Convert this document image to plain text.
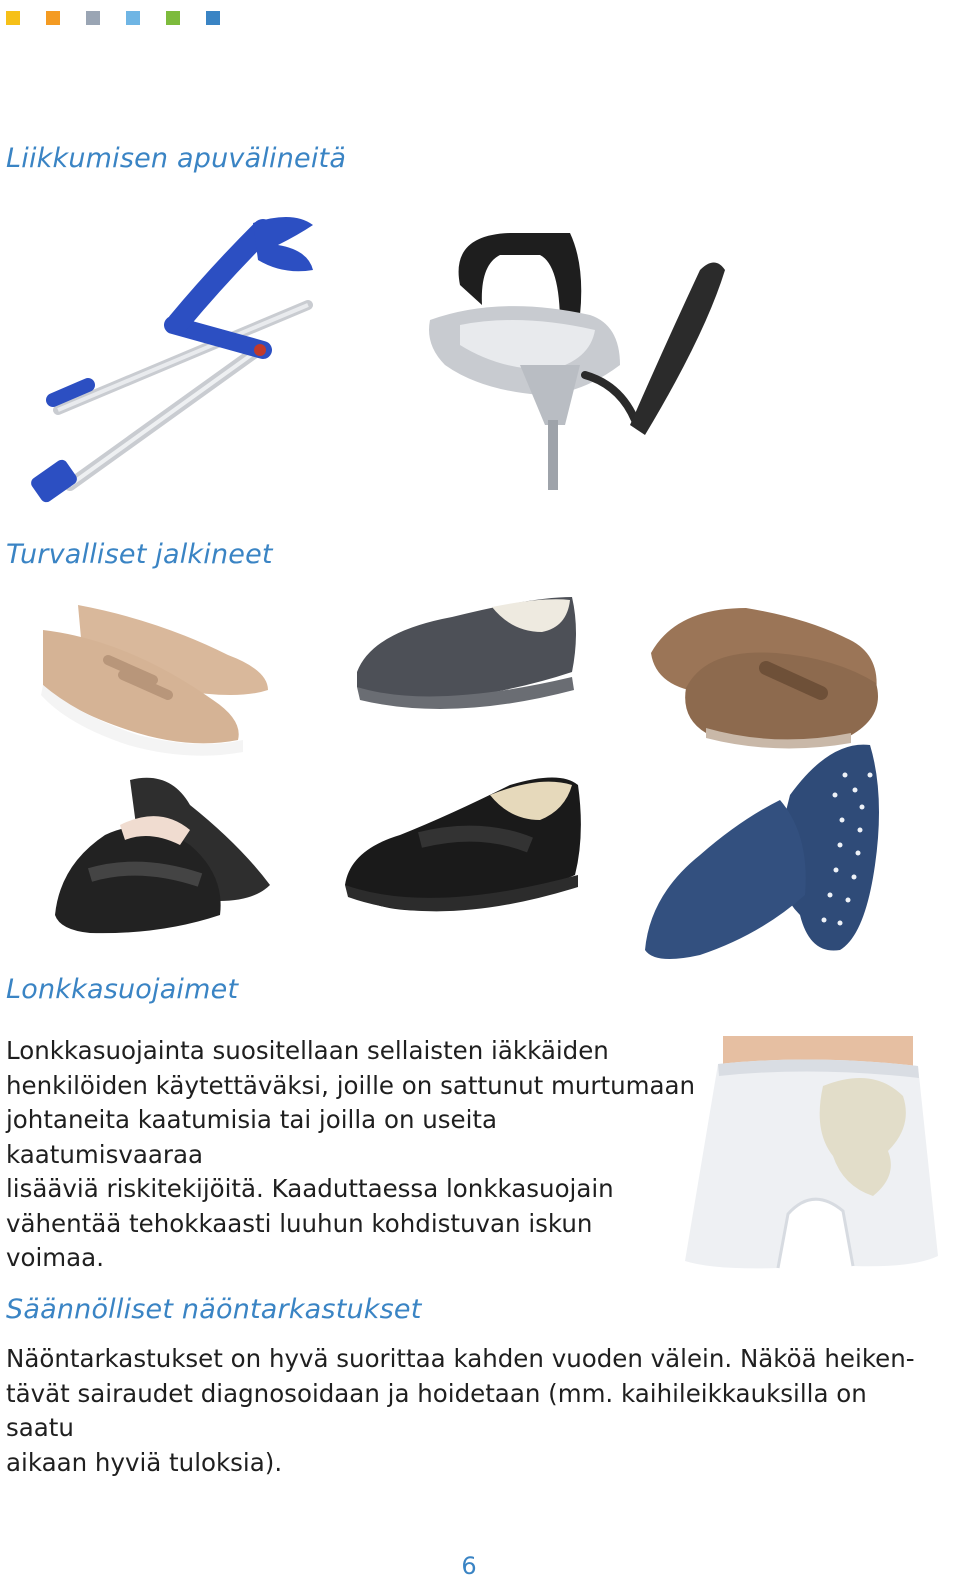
Liikkumisen apuvälineitä
Turvalliset jalkineet
Lonkkasuojaimet
Lonkkasuojainta suositellaan sellaisten iäkkäiden
henkilöiden käytettäväksi, joille on sattunut murtumaan
johtaneita kaatumisia tai joilla on useita kaatumisvaaraa
lisääviä riskitekijöitä. Kaaduttaessa lonkkasuojain
vähentää tehokkaasti luuhun kohdistuvan iskun
voimaa.
Säännölliset näöntarkastukset
Näöntarkastukset on hyvä suorittaa kahden vuoden välein. Näköä heiken-
tävät sairaudet diagnosoidaan ja hoidetaan (mm. kaihileikkauksilla on saatu
aikaan hyviä tuloksia).
6
